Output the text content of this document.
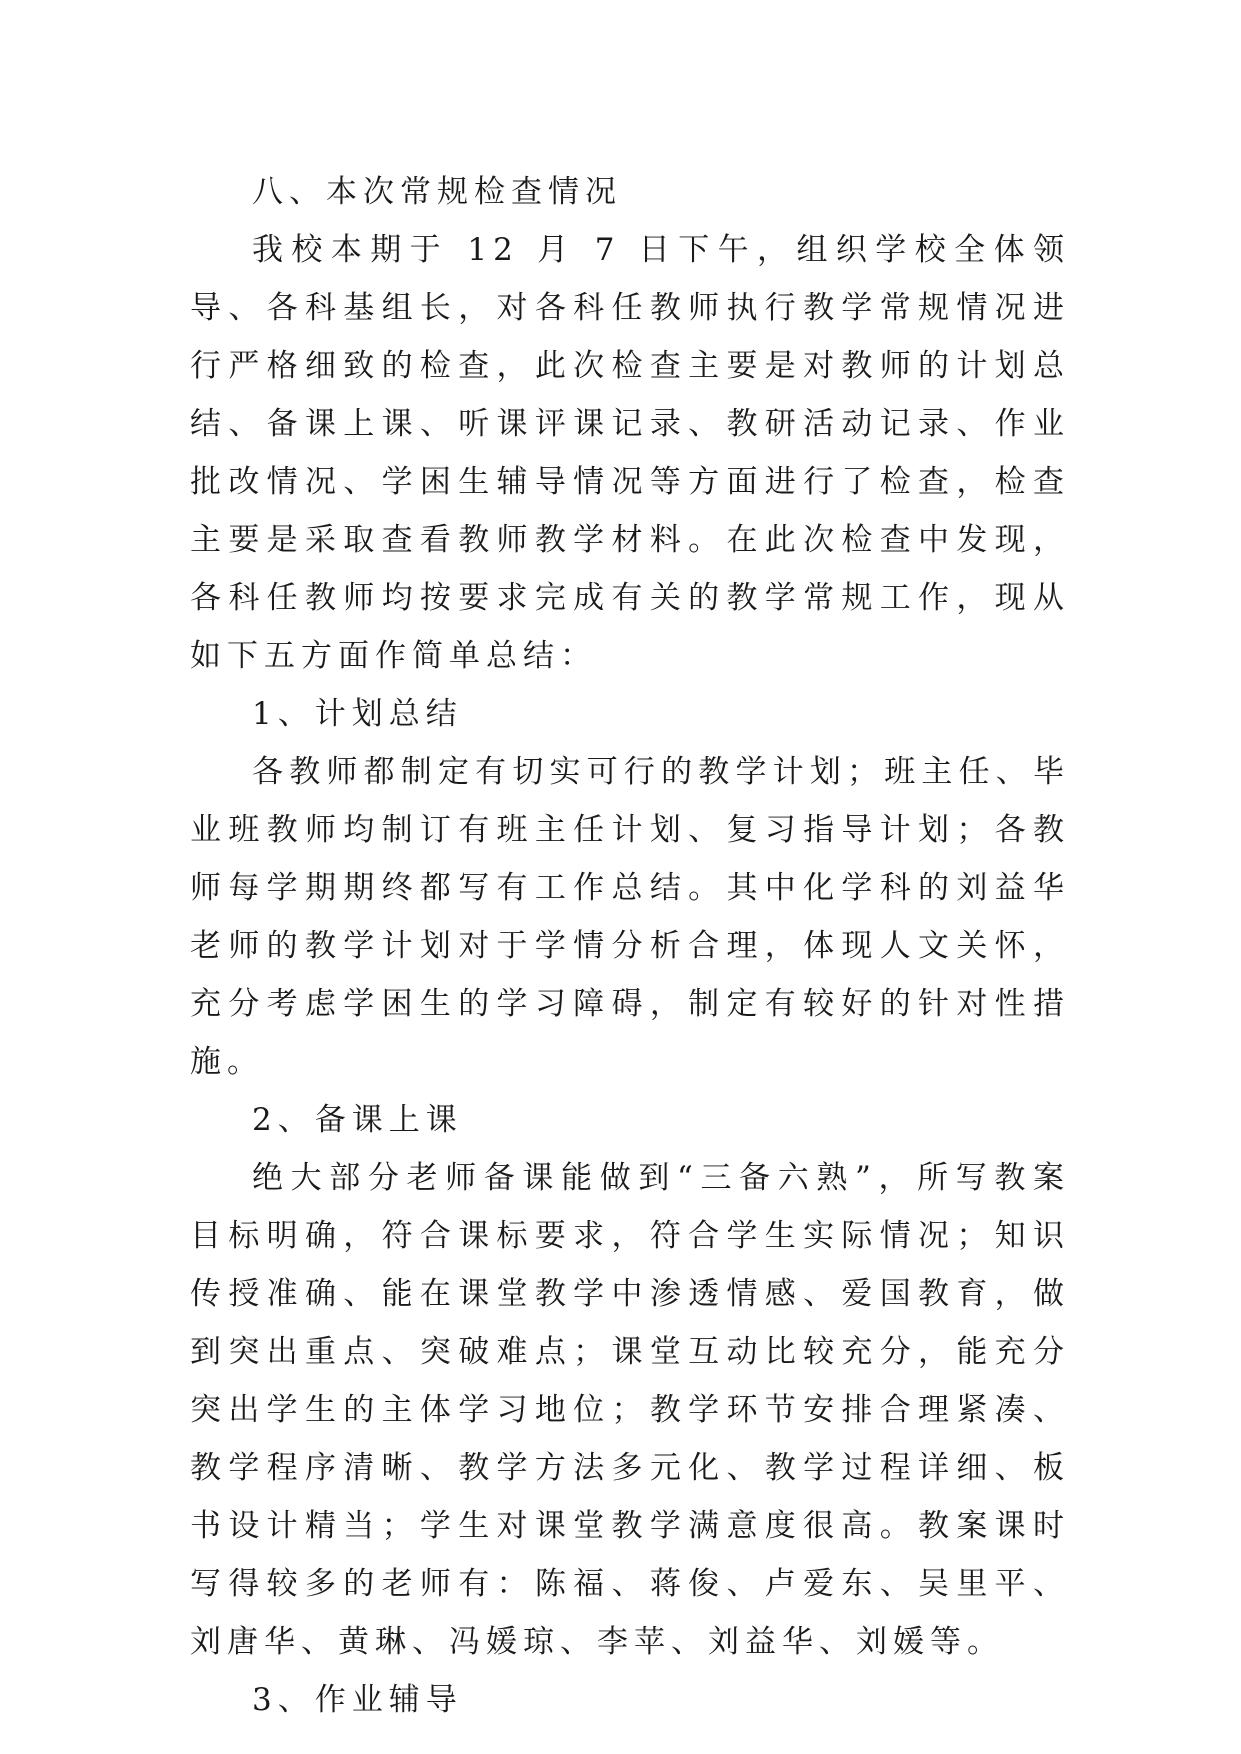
八、本次常规检查情况

我校本期于 12 月 7 日下午，组织学校全体领导、各科基组长，对各科任教师执行教学常规情况进行严格细致的检查，此次检查主要是对教师的计划总结、备课上课、听课评课记录、教研活动记录、作业批改情况、学困生辅导情况等方面进行了检查，检查主要是采取查看教师教学材料。在此次检查中发现，各科任教师均按要求完成有关的教学常规工作，现从如下五方面作简单总结：

1、计划总结

各教师都制定有切实可行的教学计划；班主任、毕业班教师均制订有班主任计划、复习指导计划；各教师每学期期终都写有工作总结。其中化学科的刘益华老师的教学计划对于学情分析合理，体现人文关怀，充分考虑学困生的学习障碍，制定有较好的针对性措施。

2、备课上课

绝大部分老师备课能做到“三备六熟”，所写教案目标明确，符合课标要求，符合学生实际情况；知识传授准确、能在课堂教学中渗透情感、爱国教育，做到突出重点、突破难点；课堂互动比较充分，能充分突出学生的主体学习地位；教学环节安排合理紧凑、教学程序清晰、教学方法多元化、教学过程详细、板书设计精当；学生对课堂教学满意度很高。教案课时写得较多的老师有：陈福、蒋俊、卢爱东、吴里平、刘唐华、黄琳、冯媛琼、李苹、刘益华、刘媛等。

3、作业辅导
